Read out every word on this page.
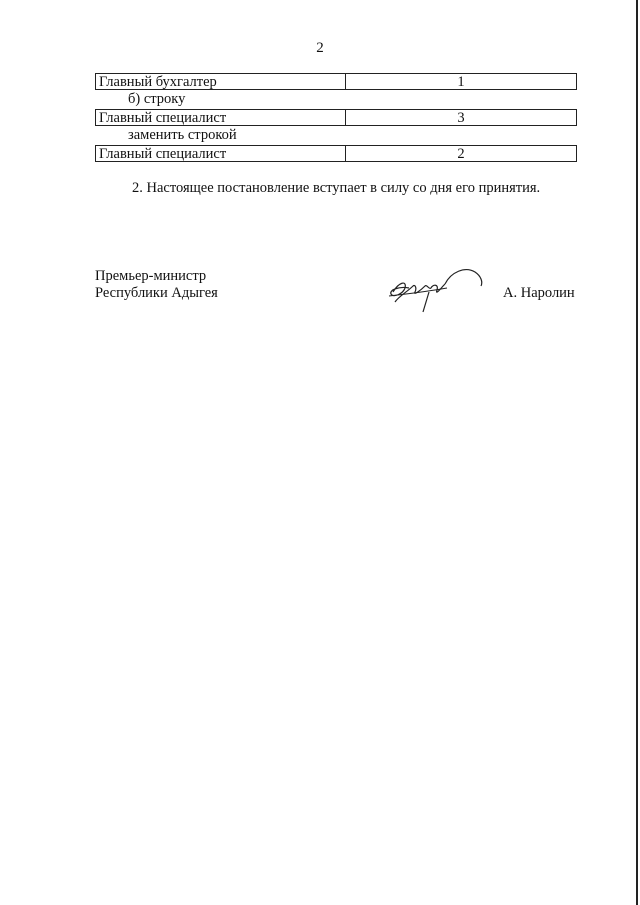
2
Главный бухгалтер	1
б) строку
Главный специалист	3
заменить строкой
Главный специалист	2
2. Настоящее постановление вступает в силу со дня его принятия.
Премьер-министр
Республики Адыгея	А. Наролин
